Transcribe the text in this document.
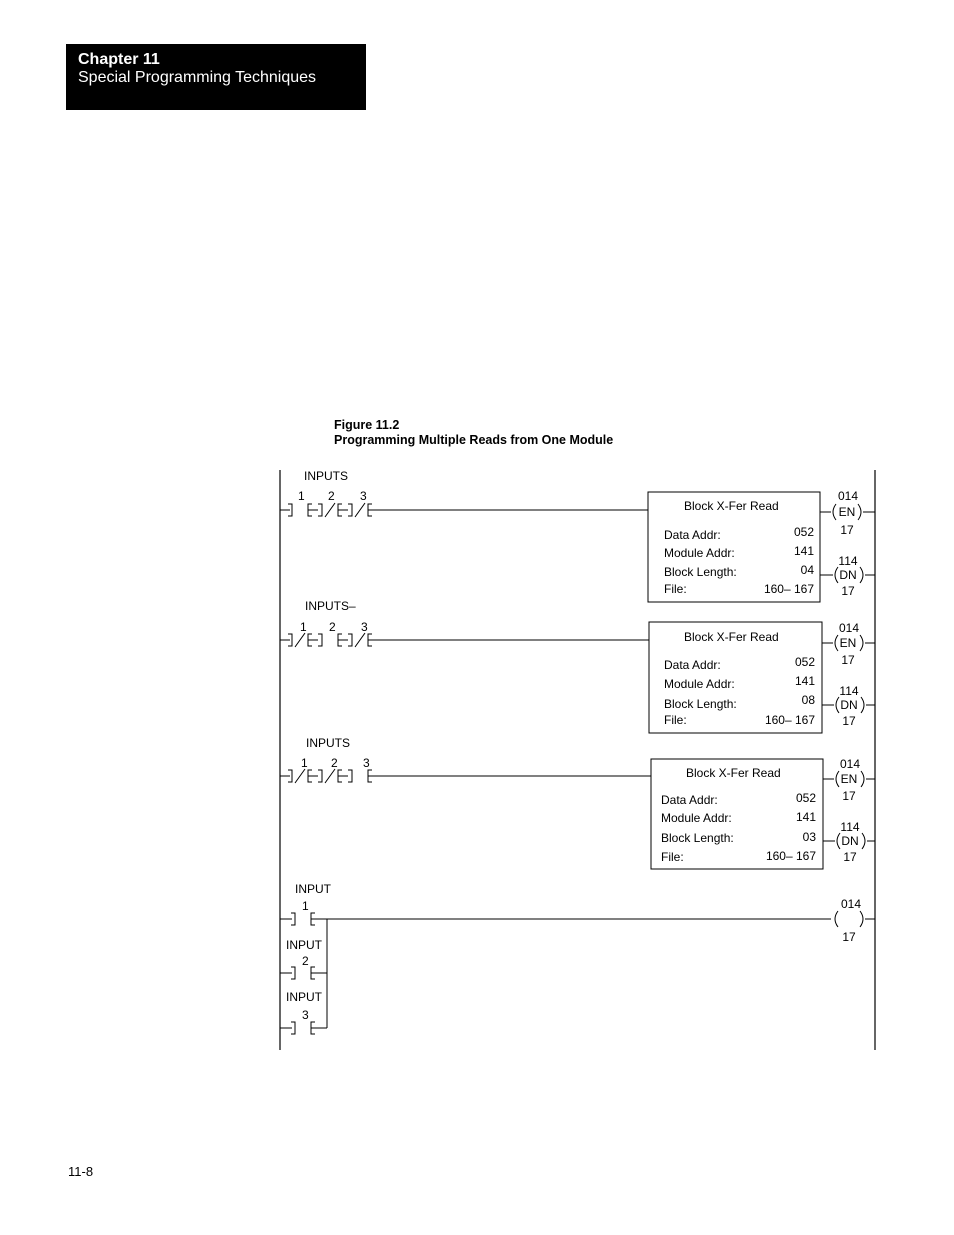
Chapter 11
Special Programming Techniques
Figure 11.2
Programming Multiple Reads from One Module
INPUTS
1 2 3
Block X-Fer Read
Data Addr:	052
Module Addr:	141
Block Length:	04
File:	160– 167
014
EN
17
114
DN
17
INPUTS–
1 2 3
Block X-Fer Read
Data Addr:	052
Module Addr:	141
Block Length:	08
File:	160– 167
014
EN
17
114
DN
17
INPUTS
1 2 3
Block X-Fer Read
Data Addr:	052
Module Addr:	141
Block Length:	03
File:	160– 167
014
EN
17
114
DN
17
INPUT
1
INPUT
2
INPUT
3
014
17
11-8
